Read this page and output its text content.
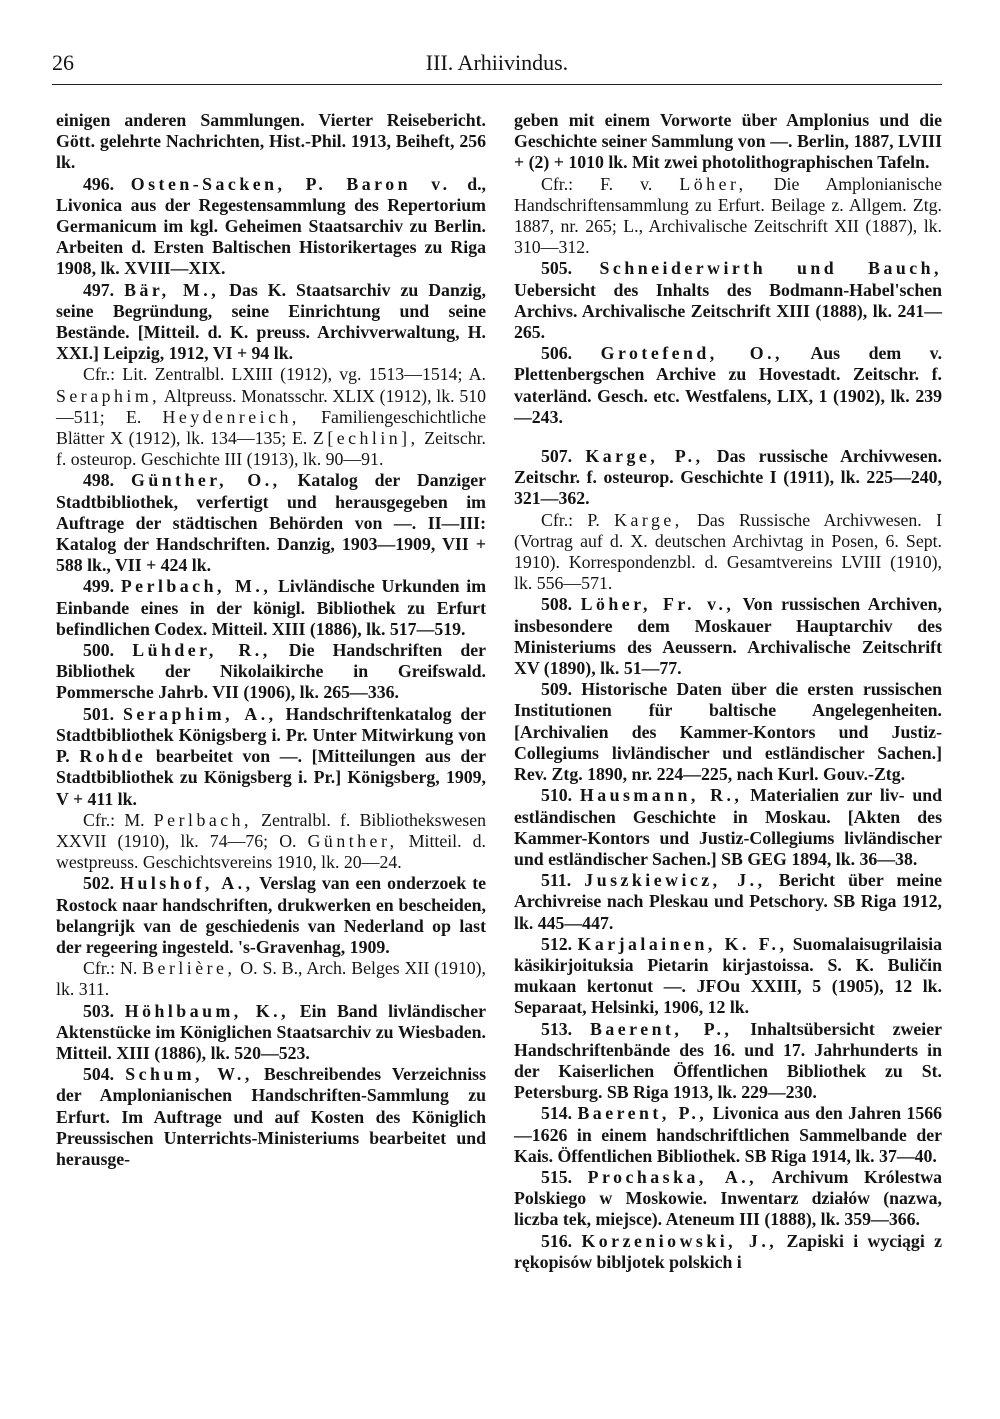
26	III. Arhiivindus.

einigen anderen Sammlungen. Vierter Reisebericht. Gött. gelehrte Nachrichten, Hist.-Phil. 1913, Beiheft, 256 lk.

496. Osten-Sacken, P. Baron v. d., Livonica aus der Regestensammlung des Repertorium Germanicum im kgl. Geheimen Staatsarchiv zu Berlin. Arbeiten d. Ersten Baltischen Historikertages zu Riga 1908, lk. XVIII—XIX.

497. Bär, M., Das K. Staatsarchiv zu Danzig, seine Begründung, seine Einrichtung und seine Bestände. [Mitteil. d. K. preuss. Archivverwaltung, H. XXI.] Leipzig, 1912, VI + 94 lk.

Cfr.: Lit. Zentralbl. LXIII (1912), vg. 1513—1514; A. Seraphim, Altpreuss. Monatsschr. XLIX (1912), lk. 510—511; E. Heydenreich, Familiengeschichtliche Blätter X (1912), lk. 134—135; E. Z[echlin], Zeitschr. f. osteurop. Geschichte III (1913), lk. 90—91.

498. Günther, O., Katalog der Danziger Stadtbibliothek, verfertigt und herausgegeben im Auftrage der städtischen Behörden von —. II—III: Katalog der Handschriften. Danzig, 1903—1909, VII + 588 lk., VII + 424 lk.

499. Perlbach, M., Livländische Urkunden im Einbande eines in der königl. Bibliothek zu Erfurt befindlichen Codex. Mitteil. XIII (1886), lk. 517—519.

500. Lühder, R., Die Handschriften der Bibliothek der Nikolaikirche in Greifswald. Pommersche Jahrb. VII (1906), lk. 265—336.

501. Seraphim, A., Handschriftenkatalog der Stadtbibliothek Königsberg i. Pr. Unter Mitwirkung von P. Rohde bearbeitet von —. [Mitteilungen aus der Stadtbibliothek zu Königsberg i. Pr.] Königsberg, 1909, V + 411 lk.

Cfr.: M. Perlbach, Zentralbl. f. Bibliothekswesen XXVII (1910), lk. 74—76; O. Günther, Mitteil. d. westpreuss. Geschichtsvereins 1910, lk. 20—24.

502. Hulshof, A., Verslag van een onderzoek te Rostock naar handschriften, drukwerken en bescheiden, belangrijk van de geschiedenis van Nederland op last der regeering ingesteld. 's-Gravenhag, 1909.

Cfr.: N. Berlière, O. S. B., Arch. Belges XII (1910), lk. 311.

503. Höhlbaum, K., Ein Band livländischer Aktenstücke im Königlichen Staatsarchiv zu Wiesbaden. Mitteil. XIII (1886), lk. 520—523.

504. Schum, W., Beschreibendes Verzeichniss der Amplonianischen Handschriften-Sammlung zu Erfurt. Im Auftrage und auf Kosten des Königlich Preussischen Unterrichts-Ministeriums bearbeitet und herausge-

geben mit einem Vorworte über Amplonius und die Geschichte seiner Sammlung von —. Berlin, 1887, LVIII + (2) + 1010 lk. Mit zwei photolithographischen Tafeln.

Cfr.: F. v. Löher, Die Amplonianische Handschriftensammlung zu Erfurt. Beilage z. Allgem. Ztg. 1887, nr. 265; L., Archivalische Zeitschrift XII (1887), lk. 310—312.

505. Schneiderwirth und Bauch, Uebersicht des Inhalts des Bodmann-Habel'schen Archivs. Archivalische Zeitschrift XIII (1888), lk. 241—265.

506. Grotefend, O., Aus dem v. Plettenbergschen Archive zu Hovestadt. Zeitschr. f. vaterländ. Gesch. etc. Westfalens, LIX, 1 (1902), lk. 239—243.

507. Karge, P., Das russische Archivwesen. Zeitschr. f. osteurop. Geschichte I (1911), lk. 225—240, 321—362.

Cfr.: P. Karge, Das Russische Archivwesen. I (Vortrag auf d. X. deutschen Archivtag in Posen, 6. Sept. 1910). Korrespondenzbl. d. Gesamtvereins LVIII (1910), lk. 556—571.

508. Löher, Fr. v., Von russischen Archiven, insbesondere dem Moskauer Hauptarchiv des Ministeriums des Aeussern. Archivalische Zeitschrift XV (1890), lk. 51—77.

509. Historische Daten über die ersten russischen Institutionen für baltische Angelegenheiten. [Archivalien des Kammer-Kontors und Justiz-Collegiums livländischer und estländischer Sachen.] Rev. Ztg. 1890, nr. 224—225, nach Kurl. Gouv.-Ztg.

510. Hausmann, R., Materialien zur liv- und estländischen Geschichte in Moskau. [Akten des Kammer-Kontors und Justiz-Collegiums livländischer und estländischer Sachen.] SB GEG 1894, lk. 36—38.

511. Juszkiewicz, J., Bericht über meine Archivreise nach Pleskau und Petschory. SB Riga 1912, lk. 445—447.

512. Karjalainen, K. F., Suomalaisugrilaisia käsikirjoituksia Pietarin kirjastoissa. S. K. Buličin mukaan kertonut —. JFOu XXIII, 5 (1905), 12 lk. Separaat, Helsinki, 1906, 12 lk.

513. Baerent, P., Inhaltsübersicht zweier Handschriftenbände des 16. und 17. Jahrhunderts in der Kaiserlichen Öffentlichen Bibliothek zu St. Petersburg. SB Riga 1913, lk. 229—230.

514. Baerent, P., Livonica aus den Jahren 1566—1626 in einem handschriftlichen Sammelbande der Kais. Öffentlichen Bibliothek. SB Riga 1914, lk. 37—40.

515. Prochaska, A., Archivum Królestwa Polskiego w Moskowie. Inwentarz działów (nazwa, liczba tek, miejsce). Ateneum III (1888), lk. 359—366.

516. Korzeniowski, J., Zapiski i wyciągi z rękopisów bibljotek polskich i
